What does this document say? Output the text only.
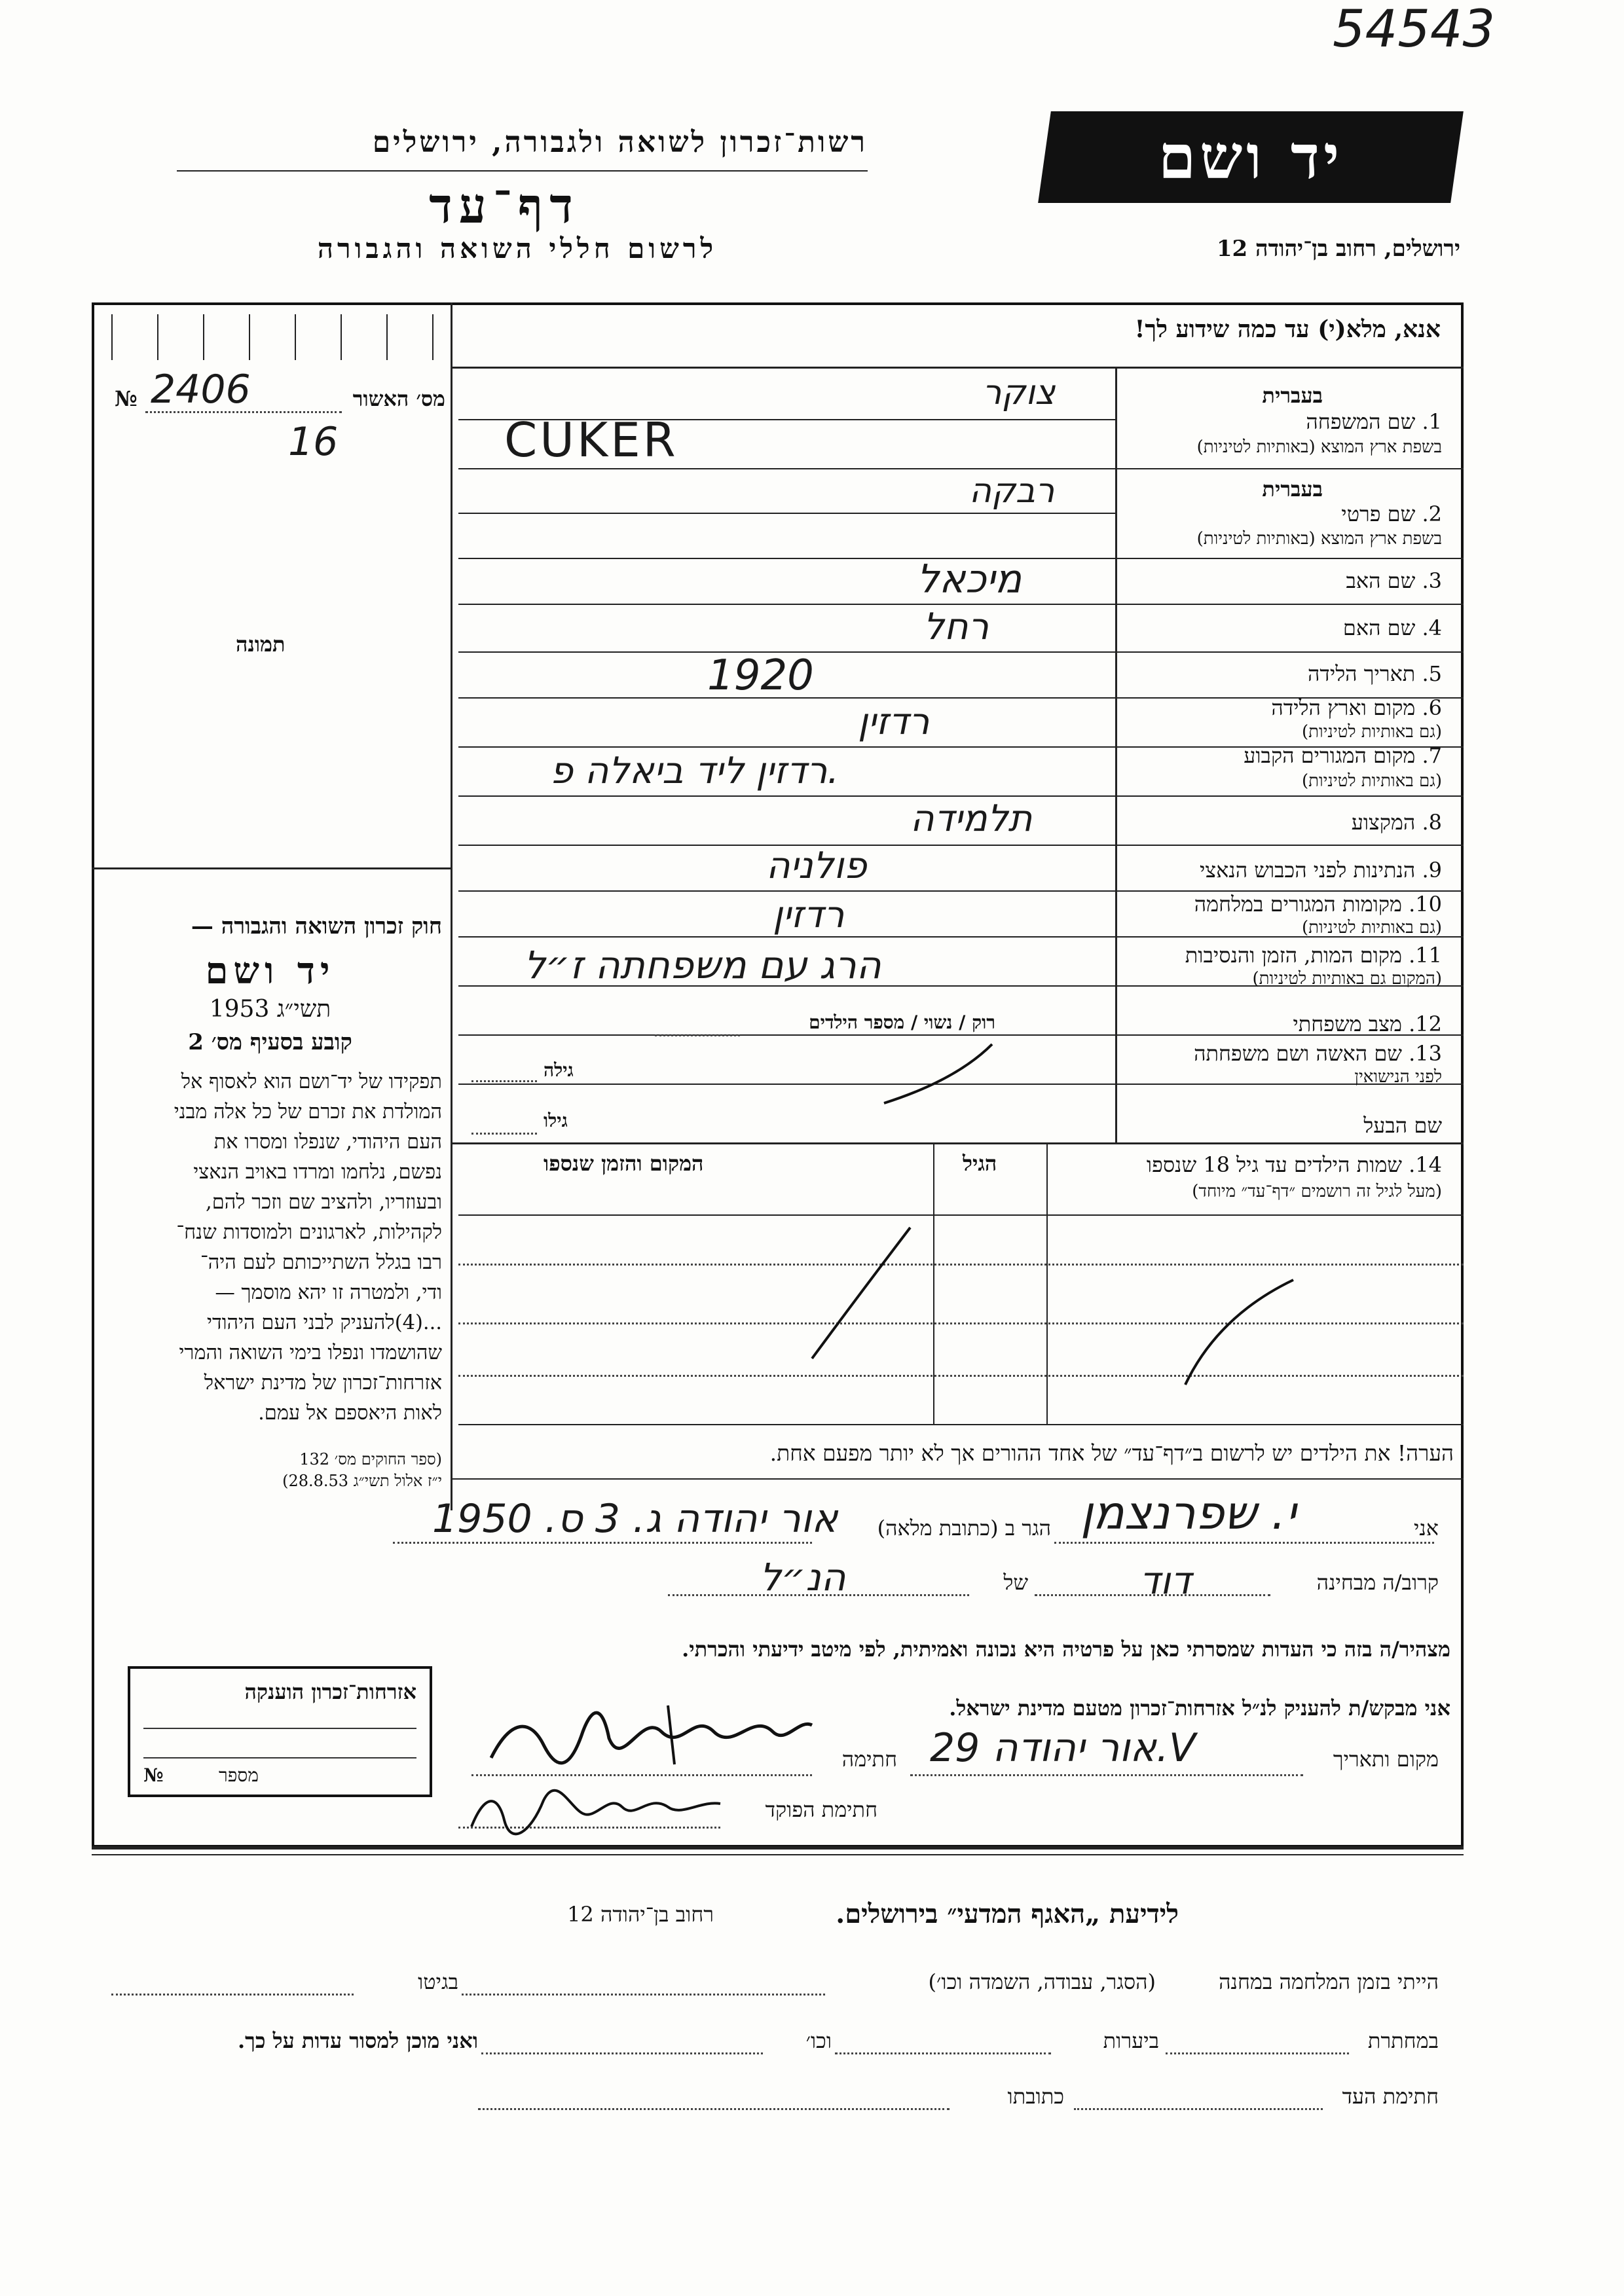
54543
רשות־זכרון לשואה ולגבורה, ירושלים
דף־עד
לרשום חללי השואה והגבורה
יד ושם
ירושלים, רחוב בן־יהודה 12
מס׳ האשור
№ 2406
16
תמונה
חוק זכרון השואה והגבורה —
יד ושם
תשי״ג 1953
קובע בסעיף מס׳ 2
תפקידו של יד־ושם הוא לאסוף אל
המולדת את זכרם של כל אלה מבני
העם היהודי, שנפלו ומסרו את
נפשם, נלחמו ומרדו באויב הנאצי
ובעוזריו, ולהציב שם וזכר להם,
לקהילות, לארגונים ולמוסדות שנח־
רבו בגלל השתייכותם לעם היה־
ודי, ולמטרה זו יהא מוסמך —
...(4)להעניק לבני העם היהודי
שהושמדו ונפלו בימי השואה והמרי
אזרחות־זכרון של מדינת ישראל
לאות היאספם אל עמם.
(ספר החוקים מס׳ 132
י״ז אלול תשי״ג 28.8.53)
אנא, מלא(י) עד כמה שידוע לך!
בעברית
1. שם המשפחה
בשפת ארץ המוצא (באותיות לטיניות)
צוקר
CUKER
בעברית
2. שם פרטי
בשפת ארץ המוצא (באותיות לטיניות)
רבקה
3. שם האב
מיכאל
4. שם האם
רחל
5. תאריך הלידה
1920
6. מקום וארץ הלידה
(גם באותיות לטיניות)
רדזין
7. מקום המגורים הקבוע
(גם באותיות לטיניות)
רדזין ליד ביאלה פ.
8. המקצוע
תלמידה
9. הנתינות לפני הכבוש הנאצי
פולניה
10. מקומות המגורים במלחמה
(גם באותיות לטיניות)
רדזין
11. מקום המות, הזמן והנסיבות
(המקום גם באותיות לטיניות)
הרג עם משפחתה ז״ל
12. מצב משפחתי
רוק / נשוי / מספר הילדים
13. שם האשה ושם משפחתה
לפני הנישואין
גילה
שם הבעל
גילו
14. שמות הילדים עד גיל 18 שנספו
(מעל לגיל זה רושמים ״דף־עד״ מיוחד)
הגיל
המקום והזמן שנספו
הערה! את הילדים יש לרשום ב״דף־עד״ של אחד ההורים אך לא יותר מפעם אחת.
אני
י. שפרנצמן
הגר ב (כתובת מלאה)
אור יהודה ג. 3 ס. 1950
קרוב/ה מבחינה
דוד
של
הנ״ל
מצהיר/ה בזה כי העדות שמסרתי כאן על פרטיה היא נכונה ואמיתית, לפי מיטב ידיעתי והכרתי.
אני מבקש/ת להעניק לנ״ל אזרחות־זכרון מטעם מדינת ישראל.
מקום ותאריך
אור יהודה 29.V
חתימה
חתימת הפוקד
אזרחות־זכרון הוענקה
מספר
№
לידיעת „האגף המדעי״ בירושלים.
רחוב בן־יהודה 12
הייתי בזמן המלחמה במחנה
(הסגר, עבודה, השמדה וכו׳)
בגיטו
במחתרת
ביערות
וכו׳
ואני מוכן למסור עדות על כך.
חתימת העד
כתובתו
